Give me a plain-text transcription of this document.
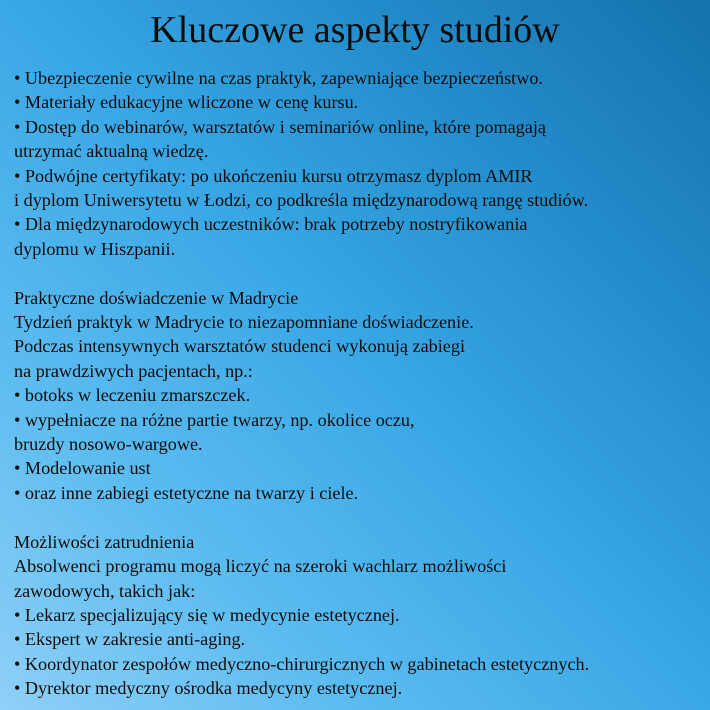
Kluczowe aspekty studiów
• Ubezpieczenie cywilne na czas praktyk, zapewniające bezpieczeństwo.
• Materiały edukacyjne wliczone w cenę kursu.
• Dostęp do webinarów, warsztatów i seminariów online, które pomagają
utrzymać aktualną wiedzę.
• Podwójne certyfikaty: po ukończeniu kursu otrzymasz dyplom AMIR
i dyplom Uniwersytetu w Łodzi, co podkreśla międzynarodową rangę studiów.
• Dla międzynarodowych uczestników: brak potrzeby nostryfikowania
dyplomu w Hiszpanii.
Praktyczne doświadczenie w Madrycie
Tydzień praktyk w Madrycie to niezapomniane doświadczenie.
Podczas intensywnych warsztatów studenci wykonują zabiegi
na prawdziwych pacjentach, np.:
• botoks w leczeniu zmarszczek.
• wypełniacze na różne partie twarzy, np. okolice oczu,
bruzdy nosowo-wargowe.
• Modelowanie ust
• oraz inne zabiegi estetyczne na twarzy i ciele.
Możliwości zatrudnienia
Absolwenci programu mogą liczyć na szeroki wachlarz możliwości
zawodowych, takich jak:
• Lekarz specjalizujący się w medycynie estetycznej.
• Ekspert w zakresie anti-aging.
• Koordynator zespołów medyczno-chirurgicznych w gabinetach estetycznych.
• Dyrektor medyczny ośrodka medycyny estetycznej.
